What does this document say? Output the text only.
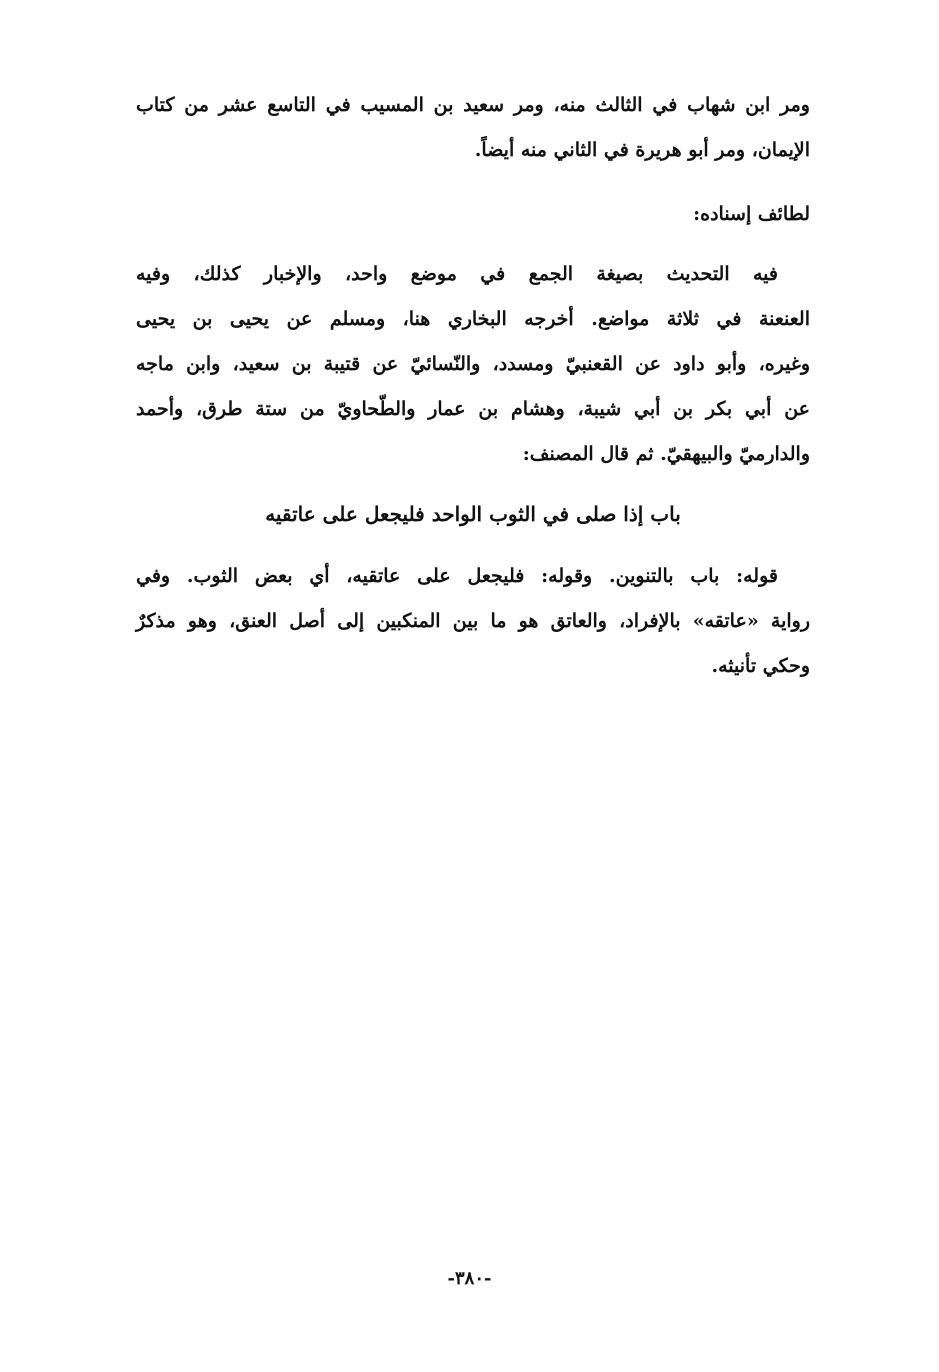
ومر ابن شهاب في الثالث منه، ومر سعيد بن المسيب في التاسع عشر من كتاب
الإيمان، ومر أبو هريرة في الثاني منه أيضاً.
لطائف إسناده:
فيه التحديث بصيغة الجمع في موضع واحد، والإخبار كذلك، وفيه
العنعنة في ثلاثة مواضع. أخرجه البخاري هنا، ومسلم عن يحيى بن يحيى
وغيره، وأبو داود عن القعنبيّ ومسدد، والنّسائيّ عن قتيبة بن سعيد، وابن ماجه
عن أبي بكر بن أبي شيبة، وهشام بن عمار والطّحاويّ من ستة طرق، وأحمد
والدارميّ والبيهقيّ. ثم قال المصنف:
باب إذا صلى في الثوب الواحد فليجعل على عاتقيه
قوله: باب بالتنوين. وقوله: فليجعل على عاتقيه، أي بعض الثوب. وفي
رواية «عاتقه» بالإفراد، والعاتق هو ما بين المنكبين إلى أصل العنق، وهو مذكرٌ
وحكي تأنيثه.
-٣٨٠-
